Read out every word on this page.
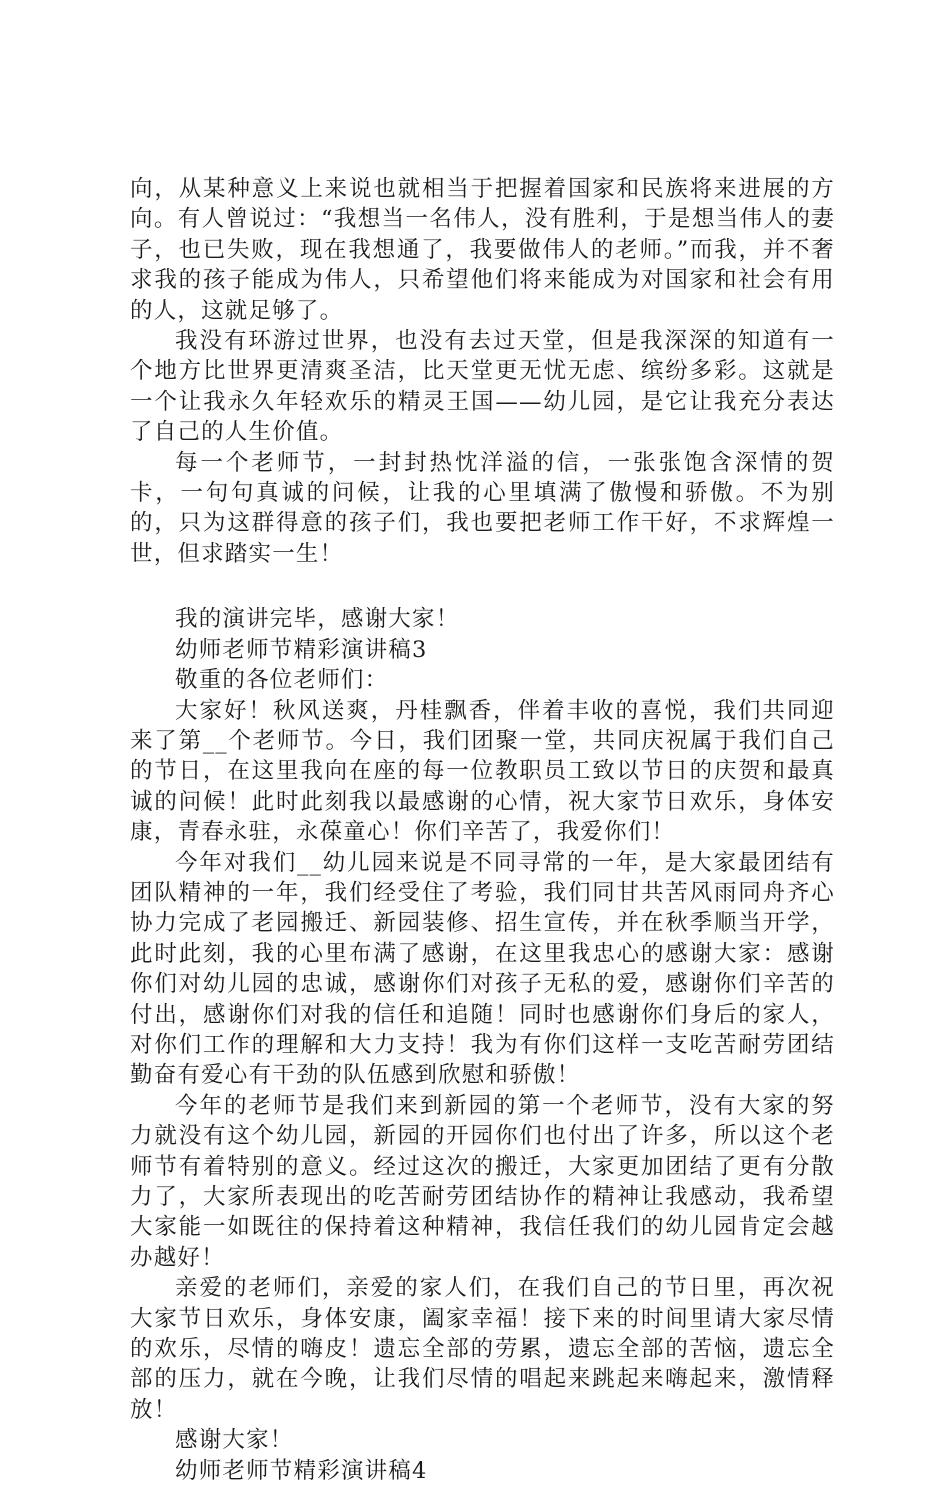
向，从某种意义上来说也就相当于把握着国家和民族将来进展的方向。有人曾说过：“我想当一名伟人，没有胜利，于是想当伟人的妻子，也已失败，现在我想通了，我要做伟人的老师。”而我，并不奢求我的孩子能成为伟人，只希望他们将来能成为对国家和社会有用的人，这就足够了。

我没有环游过世界，也没有去过天堂，但是我深深的知道有一个地方比世界更清爽圣洁，比天堂更无忧无虑、缤纷多彩。这就是一个让我永久年轻欢乐的精灵王国——幼儿园，是它让我充分表达了自己的人生价值。

每一个老师节，一封封热忱洋溢的信，一张张饱含深情的贺卡，一句句真诚的问候，让我的心里填满了傲慢和骄傲。不为别的，只为这群得意的孩子们，我也要把老师工作干好，不求辉煌一世，但求踏实一生！

我的演讲完毕，感谢大家！

幼师老师节精彩演讲稿3

敬重的各位老师们：

大家好！秋风送爽，丹桂飘香，伴着丰收的喜悦，我们共同迎来了第__个老师节。今日，我们团聚一堂，共同庆祝属于我们自己的节日，在这里我向在座的每一位教职员工致以节日的庆贺和最真诚的问候！此时此刻我以最感谢的心情，祝大家节日欢乐，身体安康，青春永驻，永葆童心！你们辛苦了，我爱你们！

今年对我们__幼儿园来说是不同寻常的一年，是大家最团结有团队精神的一年，我们经受住了考验，我们同甘共苦风雨同舟齐心协力完成了老园搬迁、新园装修、招生宣传，并在秋季顺当开学，此时此刻，我的心里布满了感谢，在这里我忠心的感谢大家：感谢你们对幼儿园的忠诚，感谢你们对孩子无私的爱，感谢你们辛苦的付出，感谢你们对我的信任和追随！同时也感谢你们身后的家人，对你们工作的理解和大力支持！我为有你们这样一支吃苦耐劳团结勤奋有爱心有干劲的队伍感到欣慰和骄傲！

今年的老师节是我们来到新园的第一个老师节，没有大家的努力就没有这个幼儿园，新园的开园你们也付出了许多，所以这个老师节有着特别的意义。经过这次的搬迁，大家更加团结了更有分散力了，大家所表现出的吃苦耐劳团结协作的精神让我感动，我希望大家能一如既往的保持着这种精神，我信任我们的幼儿园肯定会越办越好！

亲爱的老师们，亲爱的家人们，在我们自己的节日里，再次祝大家节日欢乐，身体安康，阖家幸福！接下来的时间里请大家尽情的欢乐，尽情的嗨皮！遗忘全部的劳累，遗忘全部的苦恼，遗忘全部的压力，就在今晚，让我们尽情的唱起来跳起来嗨起来，激情释放！

感谢大家！

幼师老师节精彩演讲稿4
